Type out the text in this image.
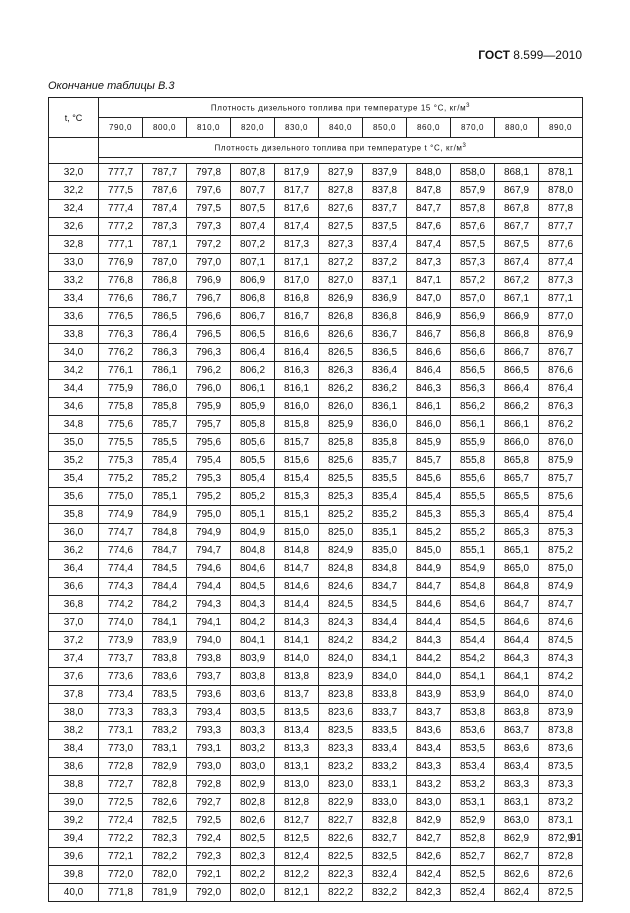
ГОСТ 8.599—2010
Окончание таблицы В.3
t, °C	Плотность дизельного топлива при температуре 15 °С, $кг/м^3$
	790,0	800,0	810,0	820,0	830,0	840,0	850,0	860,0	870,0	880,0	890,0
	Плотность дизельного топлива при температуре t °С, $кг/м^3$

32,0	777,7	787,7	797,8	807,8	817,9	827,9	837,9	848,0	858,0	868,1	878,1
32,2	777,5	787,6	797,6	807,7	817,7	827,8	837,8	847,8	857,9	867,9	878,0
32,4	777,4	787,4	797,5	807,5	817,6	827,6	837,7	847,7	857,8	867,8	877,8
32,6	777,2	787,3	797,3	807,4	817,4	827,5	837,5	847,6	857,6	867,7	877,7
32,8	777,1	787,1	797,2	807,2	817,3	827,3	837,4	847,4	857,5	867,5	877,6
33,0	776,9	787,0	797,0	807,1	817,1	827,2	837,2	847,3	857,3	867,4	877,4
33,2	776,8	786,8	796,9	806,9	817,0	827,0	837,1	847,1	857,2	867,2	877,3
33,4	776,6	786,7	796,7	806,8	816,8	826,9	836,9	847,0	857,0	867,1	877,1
33,6	776,5	786,5	796,6	806,7	816,7	826,8	836,8	846,9	856,9	866,9	877,0
33,8	776,3	786,4	796,5	806,5	816,6	826,6	836,7	846,7	856,8	866,8	876,9
34,0	776,2	786,3	796,3	806,4	816,4	826,5	836,5	846,6	856,6	866,7	876,7
34,2	776,1	786,1	796,2	806,2	816,3	826,3	836,4	846,4	856,5	866,5	876,6
34,4	775,9	786,0	796,0	806,1	816,1	826,2	836,2	846,3	856,3	866,4	876,4
34,6	775,8	785,8	795,9	805,9	816,0	826,0	836,1	846,1	856,2	866,2	876,3
34,8	775,6	785,7	795,7	805,8	815,8	825,9	836,0	846,0	856,1	866,1	876,2
35,0	775,5	785,5	795,6	805,6	815,7	825,8	835,8	845,9	855,9	866,0	876,0
35,2	775,3	785,4	795,4	805,5	815,6	825,6	835,7	845,7	855,8	865,8	875,9
35,4	775,2	785,2	795,3	805,4	815,4	825,5	835,5	845,6	855,6	865,7	875,7
35,6	775,0	785,1	795,2	805,2	815,3	825,3	835,4	845,4	855,5	865,5	875,6
35,8	774,9	784,9	795,0	805,1	815,1	825,2	835,2	845,3	855,3	865,4	875,4
36,0	774,7	784,8	794,9	804,9	815,0	825,0	835,1	845,2	855,2	865,3	875,3
36,2	774,6	784,7	794,7	804,8	814,8	824,9	835,0	845,0	855,1	865,1	875,2
36,4	774,4	784,5	794,6	804,6	814,7	824,8	834,8	844,9	854,9	865,0	875,0
36,6	774,3	784,4	794,4	804,5	814,6	824,6	834,7	844,7	854,8	864,8	874,9
36,8	774,2	784,2	794,3	804,3	814,4	824,5	834,5	844,6	854,6	864,7	874,7
37,0	774,0	784,1	794,1	804,2	814,3	824,3	834,4	844,4	854,5	864,6	874,6
37,2	773,9	783,9	794,0	804,1	814,1	824,2	834,2	844,3	854,4	864,4	874,5
37,4	773,7	783,8	793,8	803,9	814,0	824,0	834,1	844,2	854,2	864,3	874,3
37,6	773,6	783,6	793,7	803,8	813,8	823,9	834,0	844,0	854,1	864,1	874,2
37,8	773,4	783,5	793,6	803,6	813,7	823,8	833,8	843,9	853,9	864,0	874,0
38,0	773,3	783,3	793,4	803,5	813,5	823,6	833,7	843,7	853,8	863,8	873,9
38,2	773,1	783,2	793,3	803,3	813,4	823,5	833,5	843,6	853,6	863,7	873,8
38,4	773,0	783,1	793,1	803,2	813,3	823,3	833,4	843,4	853,5	863,6	873,6
38,6	772,8	782,9	793,0	803,0	813,1	823,2	833,2	843,3	853,4	863,4	873,5
38,8	772,7	782,8	792,8	802,9	813,0	823,0	833,1	843,2	853,2	863,3	873,3
39,0	772,5	782,6	792,7	802,8	812,8	822,9	833,0	843,0	853,1	863,1	873,2
39,2	772,4	782,5	792,5	802,6	812,7	822,7	832,8	842,9	852,9	863,0	873,1
39,4	772,2	782,3	792,4	802,5	812,5	822,6	832,7	842,7	852,8	862,9	872,9
39,6	772,1	782,2	792,3	802,3	812,4	822,5	832,5	842,6	852,7	862,7	872,8
39,8	772,0	782,0	792,1	802,2	812,2	822,3	832,4	842,4	852,5	862,6	872,6
40,0	771,8	781,9	792,0	802,0	812,1	822,2	832,2	842,3	852,4	862,4	872,5
91
